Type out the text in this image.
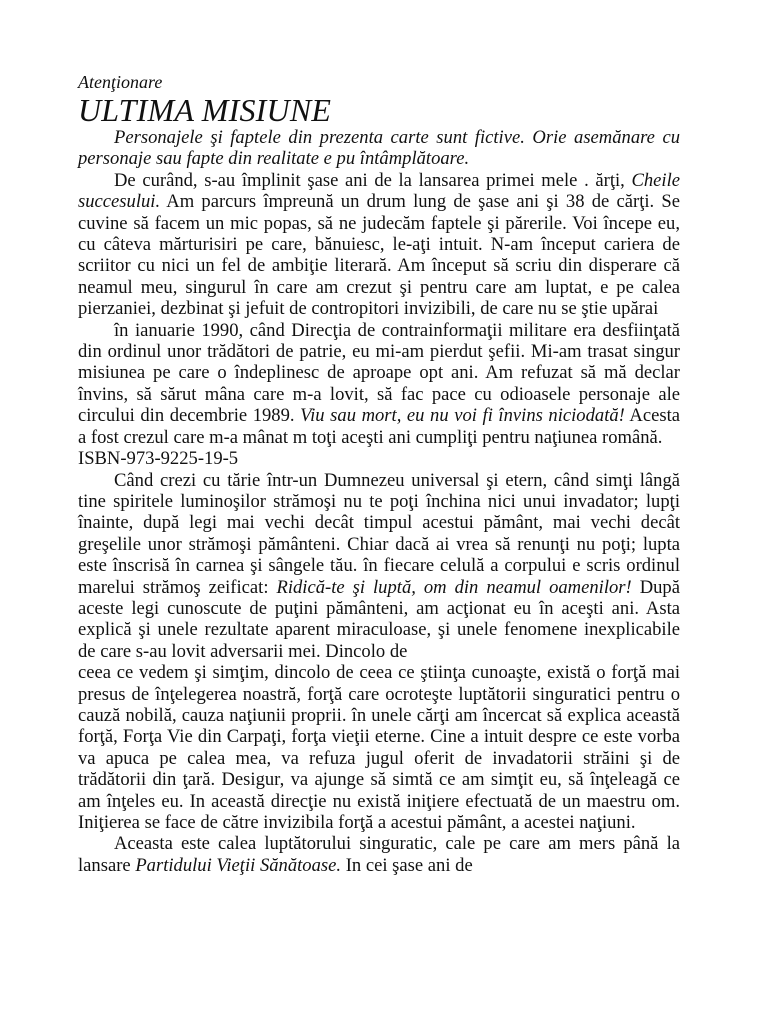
Atenţionare
ULTIMA MISIUNE

Personajele şi faptele din prezenta carte sunt fictive. Orie asemănare cu personaje sau fapte din realitate e pu întâmplătoare.

De curând, s-au împlinit şase ani de la lansarea primei mele . ărţi, Cheile succesului. Am parcurs împreună un drum lung de şase ani şi 38 de cărţi. Se cuvine să facem un mic popas, să ne judecăm faptele şi părerile. Voi începe eu, cu câteva mărturisiri pe care, bănuiesc, le-aţi intuit. N-am început cariera de scriitor cu nici un fel de ambiţie literară. Am început să scriu din disperare că neamul meu, singurul în care am crezut şi pentru care am luptat, e pe calea pierzaniei, dezbinat şi jefuit de contropitori invizibili, de care nu se ştie upărai

în ianuarie 1990, când Direcţia de contrainformaţii militare era desfiinţată din ordinul unor trădători de patrie, eu mi-am pierdut şefii. Mi-am trasat singur misiunea pe care o îndeplinesc de aproape opt ani. Am refuzat să mă declar învins, să sărut mâna care m-a lovit, să fac pace cu odioasele personaje ale circului din decembrie 1989. Viu sau mort, eu nu voi fi învins niciodată! Acesta a fost crezul care m-a mânat m toţi aceşti ani cumpliţi pentru naţiunea română.

ISBN-973-9225-19-5

Când crezi cu tărie într-un Dumnezeu universal şi etern, când simţi lângă tine spiritele luminoşilor strămoşi nu te poţi închina nici unui invadator; lupţi înainte, după legi mai vechi decât timpul acestui pământ, mai vechi decât greşelile unor strămoşi pământeni. Chiar dacă ai vrea să renunţi nu poţi; lupta este înscrisă în carnea şi sângele tău. în fiecare celulă a corpului e scris ordinul marelui strămoş zeificat: Ridică-te şi luptă, om din neamul oamenilor! După aceste legi cunoscute de puţini pământeni, am acţionat eu în aceşti ani. Asta explică şi unele rezultate aparent miraculoase, şi unele fenomene inexplicabile de care s-au lovit adversarii mei. Dincolo de

ceea ce vedem şi simţim, dincolo de ceea ce ştiinţa cunoaşte, există o forţă mai presus de înţelegerea noastră, forţă care ocroteşte luptătorii singuratici pentru o cauză nobilă, cauza naţiunii proprii. în unele cărţi am încercat să explica această forţă, Forţa Vie din Carpaţi, forţa vieţii eterne. Cine a intuit despre ce este vorba va apuca pe calea mea, va refuza jugul oferit de invadatorii străini şi de trădătorii din ţară. Desigur, va ajunge să simtă ce am simţit eu, să înţeleagă ce am înţeles eu. In această direcţie nu există iniţiere efectuată de un maestru om. Iniţierea se face de către invizibila forţă a acestui pământ, a acestei naţiuni.

Aceasta este calea luptătorului singuratic, cale pe care am mers până la lansare Partidului Vieţii Sănătoase. In cei şase ani de
